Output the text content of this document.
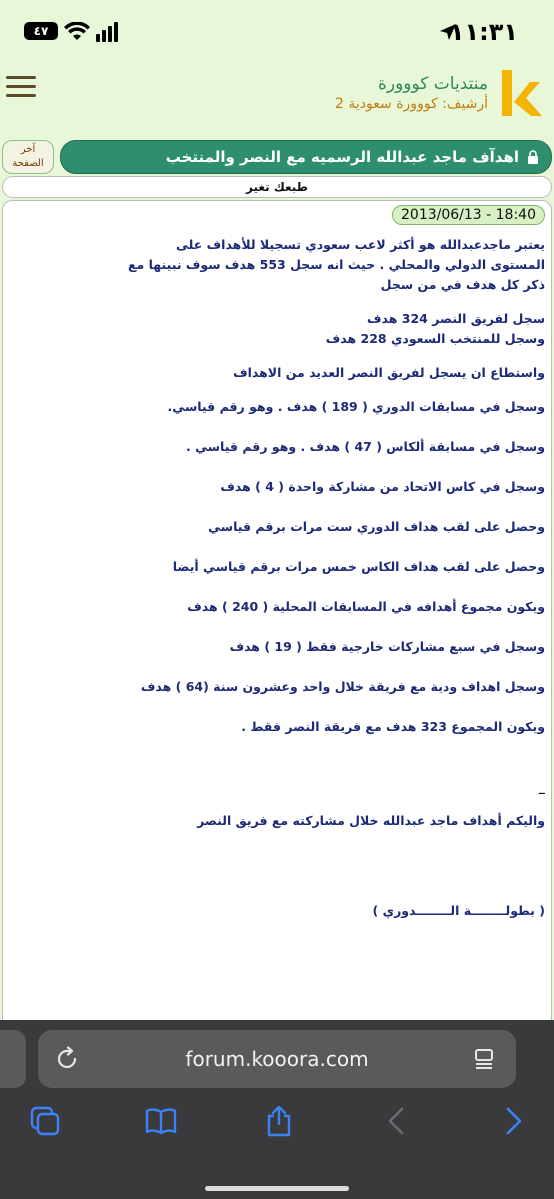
٤٧	١١:٣١
منتديات كووورة
أرشيف: كووورة سعودية 2
آخر
الصفحة	اهدآف ماجد عبدالله الرسميه مع النصر والمنتخب
طبعك تغير
2013/06/13 - 18:40

يعتبر ماجدعبدالله هو أكثر لاعب سعودي تسجيلا للأهداف على

المستوى الدولي والمحلي . حيث انه سجل 553 هدف سوف نبينها مع

ذكر كل هدف في من سجل

سجل لفريق النصر 324 هدف

وسجل للمنتخب السعودي 228 هدف

واستطاع ان يسجل لفريق النصر العديد من الاهداف

وسجل في مسابقات الدوري ( 189 ) هدف . وهو رقم قياسي.

وسجل في مسابقة ألكاس ( 47 ) هدف . وهو رقم قياسي .

وسجل في كاس الاتحاد من مشاركة واحدة ( 4 ) هدف

وحصل على لقب هداف الدوري ست مرات برقم قياسي

وحصل على لقب هداف الكاس خمس مرات برقم قياسي أيضا

ويكون مجموع أهدافه في المسابقات المحلية ( 240 ) هدف

وسجل في سبع مشاركات خارجية فقط ( 19 ) هدف

وسجل اهداف ودية مع فريقة خلال واحد وعشرون سنة (64 ) هدف

ويكون المجموع 323 هدف مع فريقة النصر فقط .

_

واليكم أهداف ماجد عبدالله خلال مشاركته مع فريق النصر

( بطولــــــــة الــــــــدوري )

forum.kooora.com
